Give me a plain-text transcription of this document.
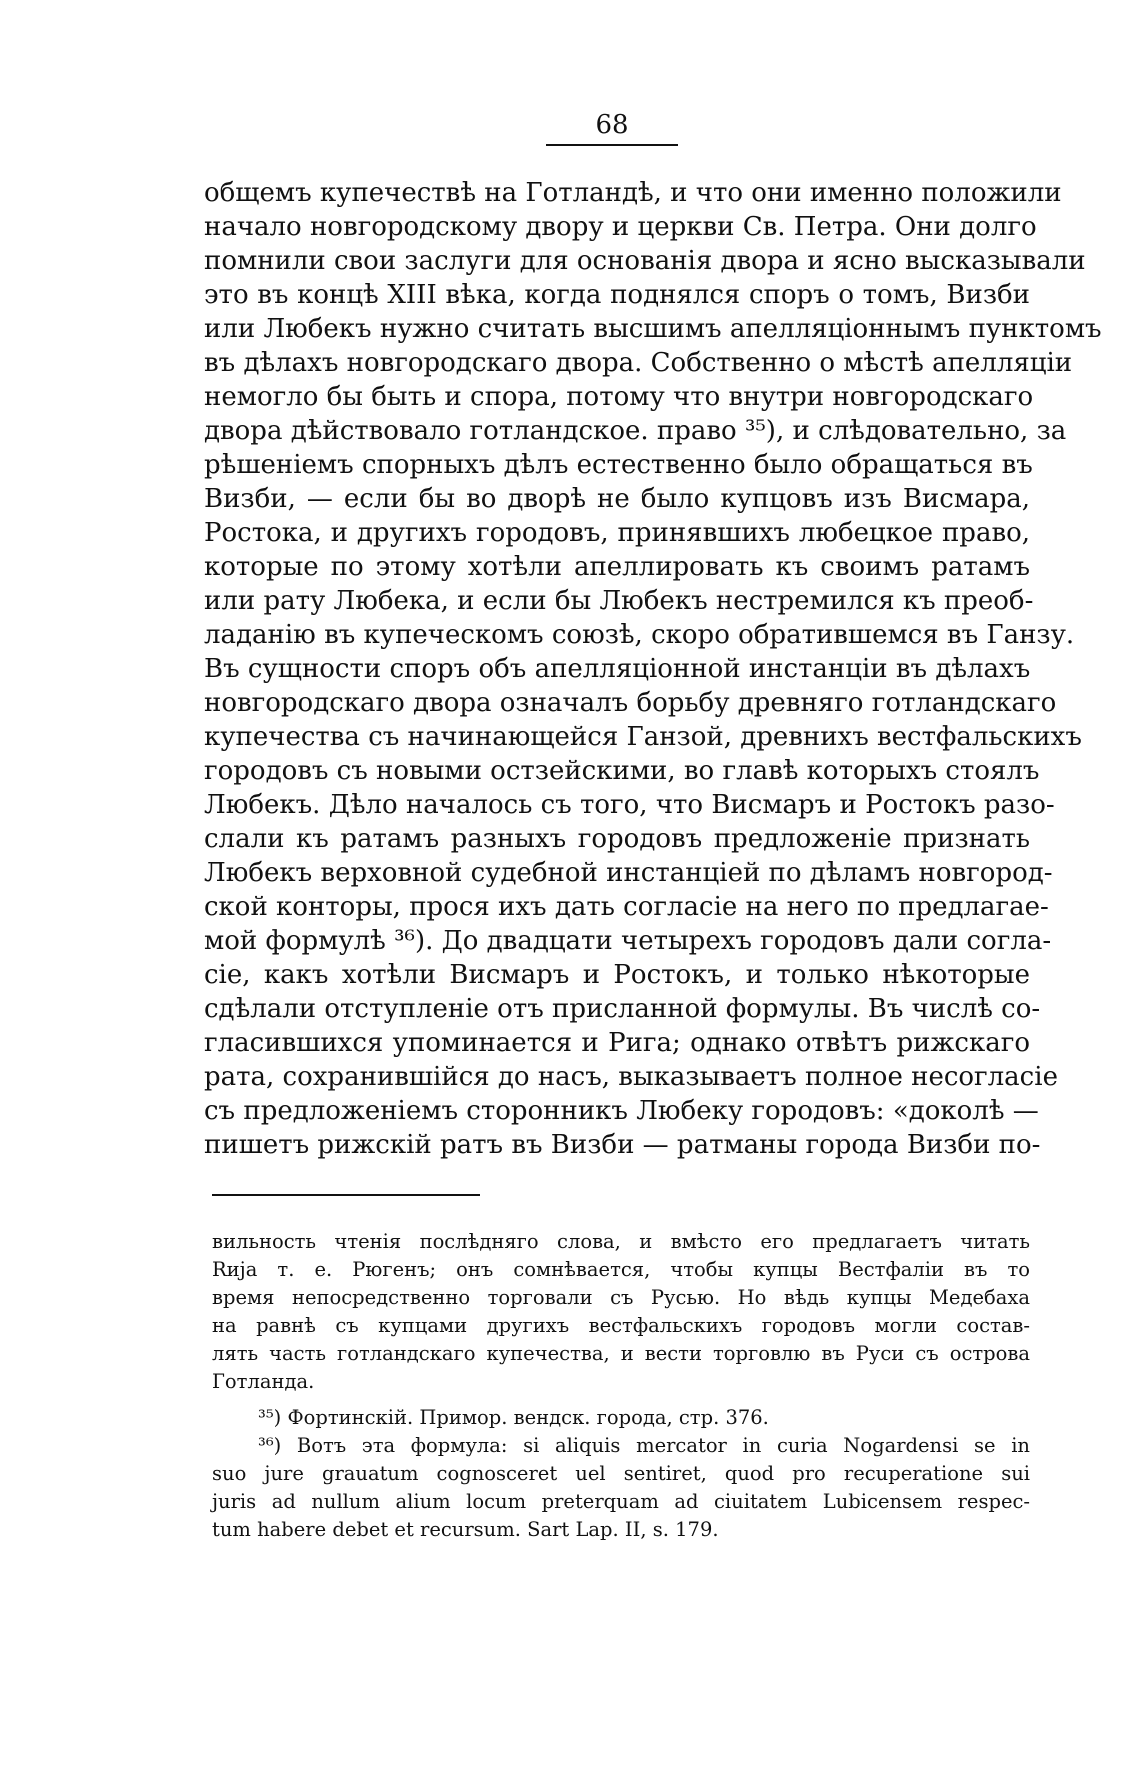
68
общемъ купечествѣ на Готландѣ, и что они именно положили
начало новгородскому двору и церкви Св. Петра. Они долго
помнили свои заслуги для основанія двора и ясно высказывали
это въ концѣ XIII вѣка, когда поднялся споръ о томъ, Визби
или Любекъ нужно считать высшимъ апелляціоннымъ пунктомъ
въ дѣлахъ новгородскаго двора. Собственно о мѣстѣ апелляціи
немогло бы быть и спора, потому что внутри новгородскаго
двора дѣйствовало готландское. право ³⁵), и слѣдовательно, за
рѣшеніемъ спорныхъ дѣлъ естественно было обращаться въ
Визби, — если бы во дворѣ не было купцовъ изъ Висмара,
Ростока, и другихъ городовъ, принявшихъ любецкое право,
которые по этому хотѣли апеллировать къ своимъ ратамъ
или рату Любека, и если бы Любекъ нестремился къ преоб-
ладанію въ купеческомъ союзѣ, скоро обратившемся въ Ганзу.
Въ сущности споръ объ апелляціонной инстанціи въ дѣлахъ
новгородскаго двора означалъ борьбу древняго готландскаго
купечества съ начинающейся Ганзой, древнихъ вестфальскихъ
городовъ съ новыми остзейскими, во главѣ которыхъ стоялъ
Любекъ. Дѣло началось съ того, что Висмаръ и Ростокъ разо-
слали къ ратамъ разныхъ городовъ предложеніе признать
Любекъ верховной судебной инстанціей по дѣламъ новгород-
ской конторы, прося ихъ дать согласіе на него по предлагае-
мой формулѣ ³⁶). До двадцати четырехъ городовъ дали согла-
сіе, какъ хотѣли Висмаръ и Ростокъ, и только нѣкоторые
сдѣлали отступленіе отъ присланной формулы. Въ числѣ со-
гласившихся упоминается и Рига; однако отвѣтъ рижскаго
рата, сохранившійся до насъ, выказываетъ полное несогласіе
съ предложеніемъ сторонникъ Любеку городовъ: «доколѣ —
пишетъ рижскій ратъ въ Визби — ратманы города Визби по-
вильность чтенія послѣдняго слова, и вмѣсто его предлагаетъ читать
Rиja т. е. Рюгенъ; онъ сомнѣвается, чтобы купцы Вестфаліи въ то
время непосредственно торговали съ Русью. Но вѣдь купцы Медебаха
на равнѣ съ купцами другихъ вестфальскихъ городовъ могли состав-
лять часть готландскаго купечества, и вести торговлю въ Руси съ острова
Готланда.
³⁵) Фортинскій. Примор. вендск. города, стр. 376.
³⁶) Вотъ эта формула: si aliquis mercator in curia Nogardensi se in
suo jure grauatum cognosceret uel sentiret, quod pro recuperatione sui
juris ad nullum alium locum preterquam ad ciuitatem Lubicensem respec-
tum habere debet et recursum. Sart Lap. II, s. 179.
